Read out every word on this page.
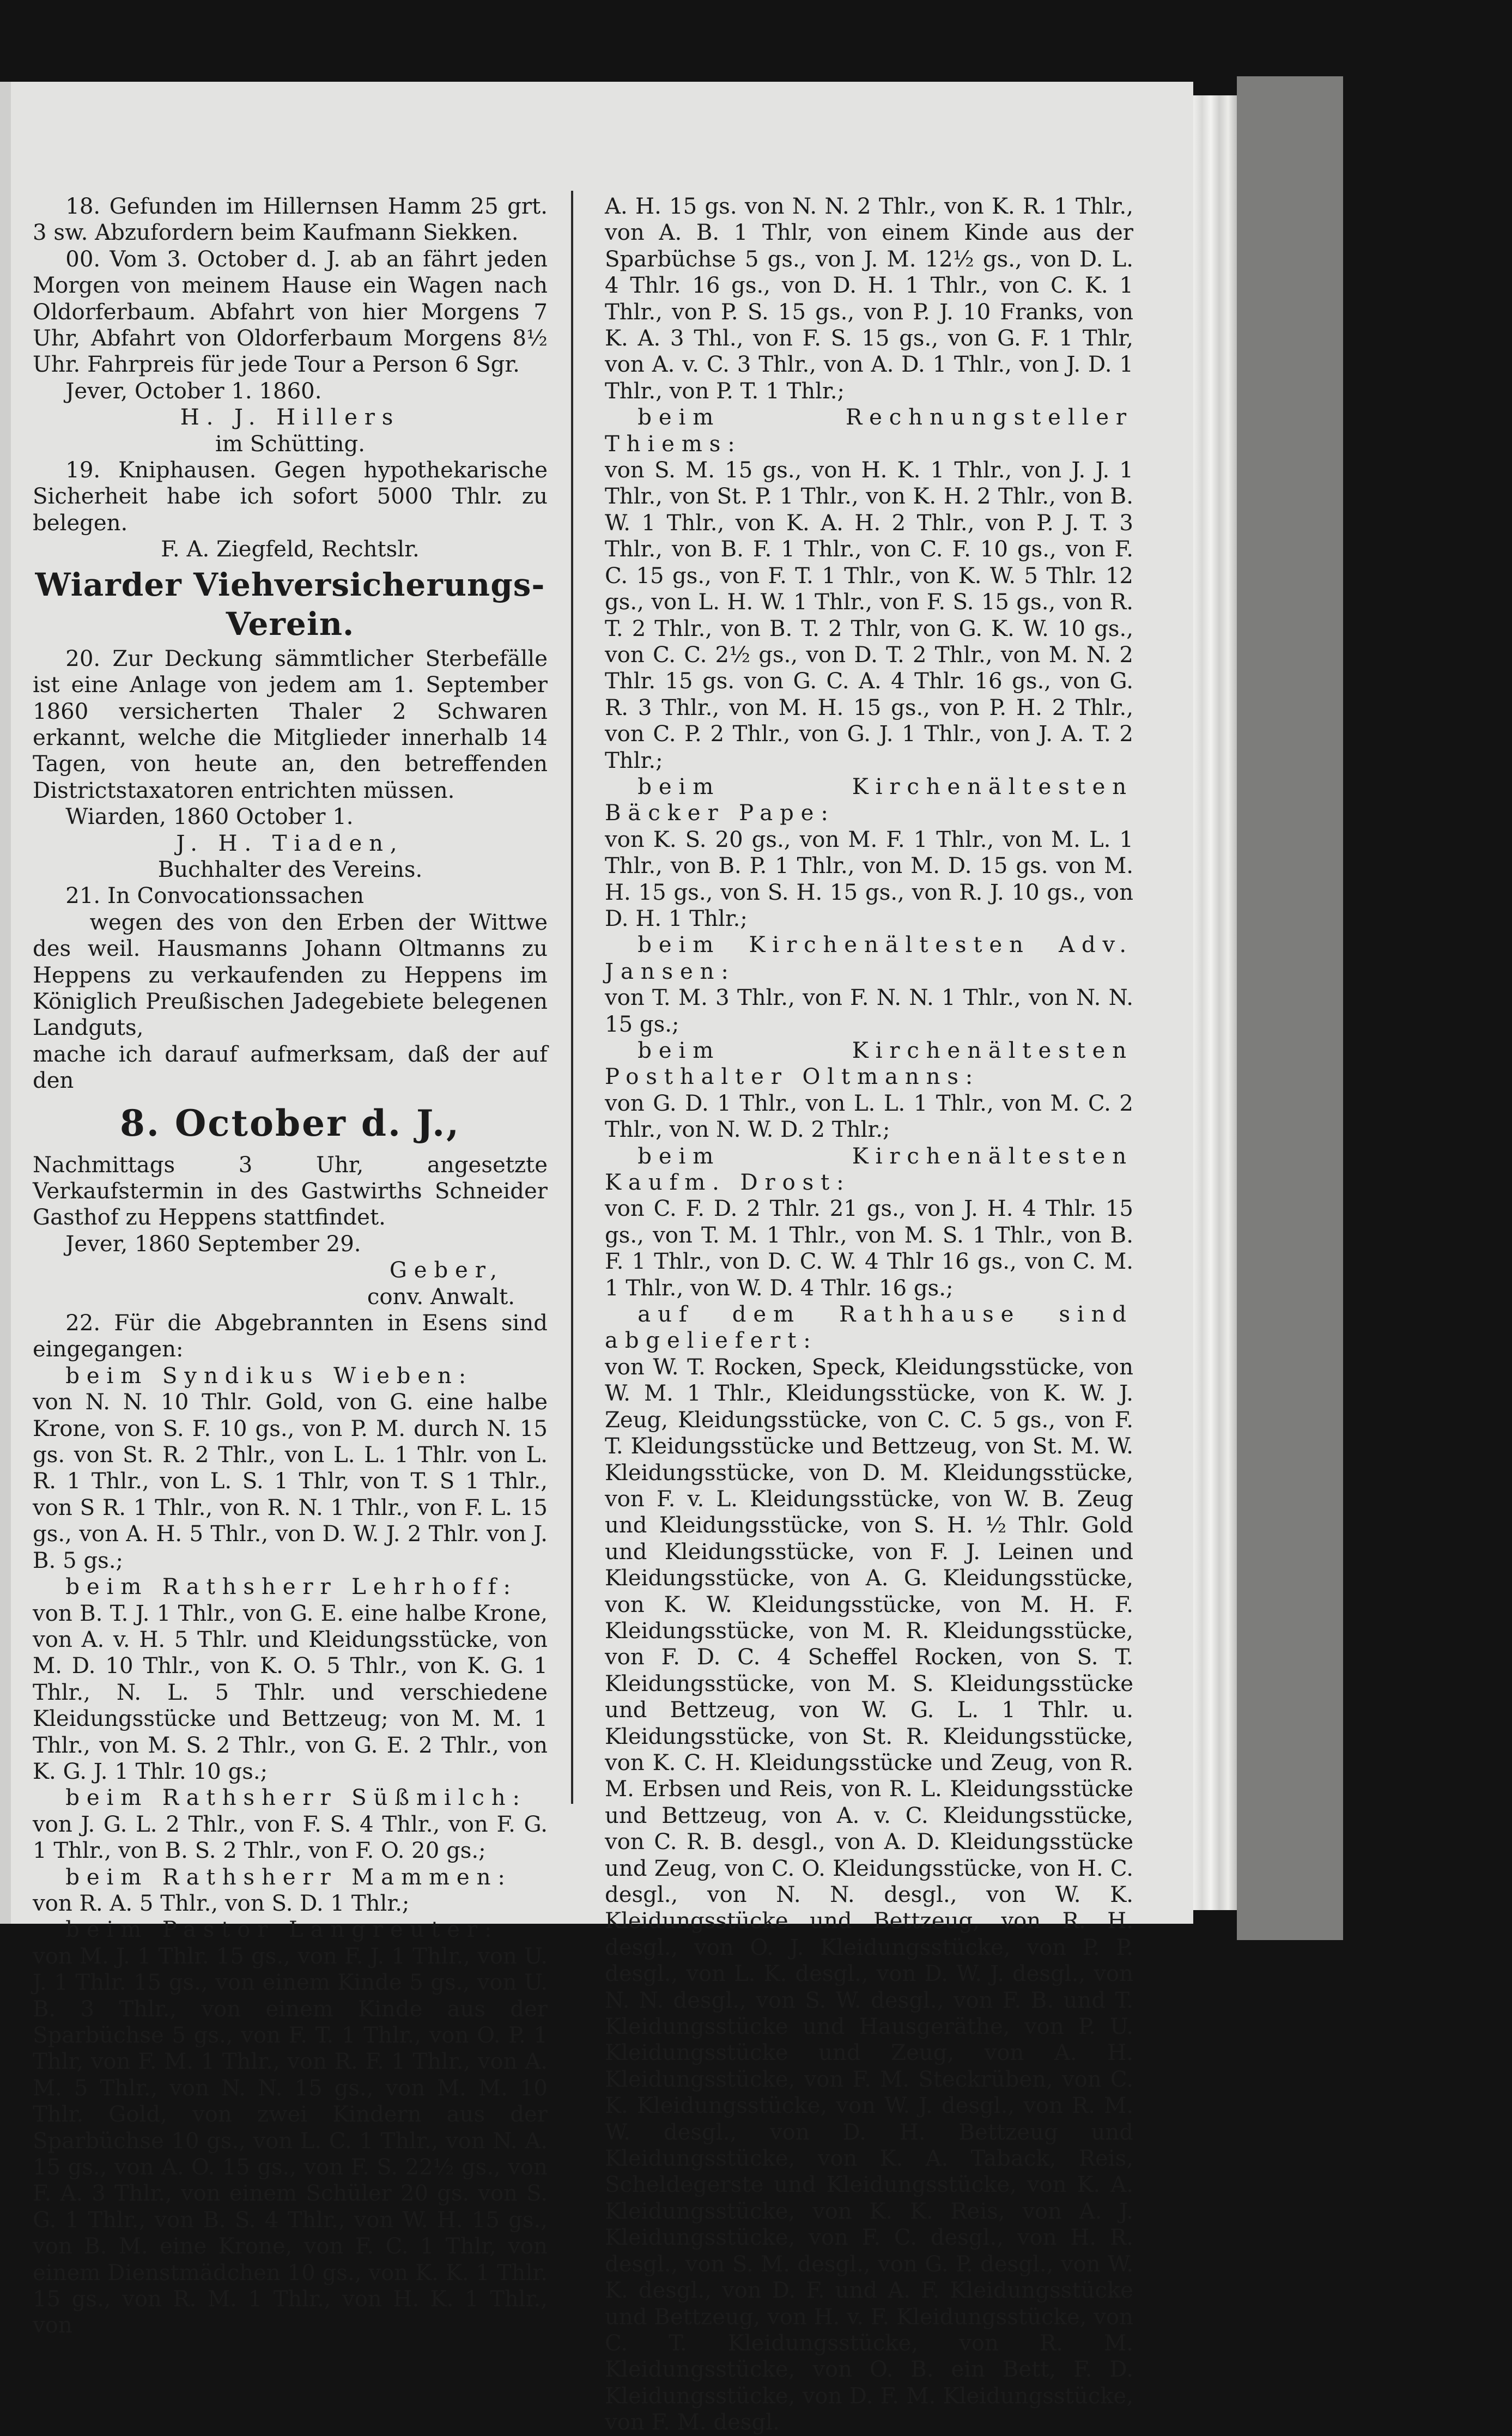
18. Gefunden im Hillernsen Hamm 25 grt. 3 sw. Abzufordern beim Kaufmann Siekken.

00. Vom 3. October d. J. ab an fährt jeden Morgen von meinem Hause ein Wagen nach Oldorferbaum. Abfahrt von hier Morgens 7 Uhr, Abfahrt von Oldorferbaum Morgens 8½ Uhr. Fahrpreis für jede Tour a Person 6 Sgr.

Jever, October 1. 1860.

H. J. Hillers

im Schütting.

19. Kniphausen. Gegen hypothekarische Sicherheit habe ich sofort 5000 Thlr. zu belegen.

F. A. Ziegfeld, Rechtslr.

Wiarder Viehversicherungs-Verein.

20. Zur Deckung sämmtlicher Sterbefälle ist eine Anlage von jedem am 1. September 1860 versicherten Thaler 2 Schwaren erkannt, welche die Mitglieder innerhalb 14 Tagen, von heute an, den betreffenden Districtstaxatoren entrichten müssen.

Wiarden, 1860 October 1.

J. H. Tiaden,

Buchhalter des Vereins.

21. In Convocationssachen

wegen des von den Erben der Wittwe des weil. Hausmanns Johann Oltmanns zu Heppens zu verkaufenden zu Heppens im Königlich Preußischen Jadegebiete belegenen Landguts,

mache ich darauf aufmerksam, daß der auf den

8. October d. J.,

Nachmittags 3 Uhr, angesetzte Verkaufstermin in des Gastwirths Schneider Gasthof zu Heppens stattfindet.

Jever, 1860 September 29.

Geber,

conv. Anwalt.

22. Für die Abgebrannten in Esens sind eingegangen:

beim Syndikus Wieben:

von N. N. 10 Thlr. Gold, von G. eine halbe Krone, von S. F. 10 gs., von P. M. durch N. 15 gs. von St. R. 2 Thlr., von L. L. 1 Thlr. von L. R. 1 Thlr., von L. S. 1 Thlr, von T. S 1 Thlr., von S R. 1 Thlr., von R. N. 1 Thlr., von F. L. 15 gs., von A. H. 5 Thlr., von D. W. J. 2 Thlr. von J. B. 5 gs.;

beim Rathsherr Lehrhoff:

von B. T. J. 1 Thlr., von G. E. eine halbe Krone, von A. v. H. 5 Thlr. und Kleidungsstücke, von M. D. 10 Thlr., von K. O. 5 Thlr., von K. G. 1 Thlr., N. L. 5 Thlr. und verschiedene Kleidungsstücke und Bettzeug; von M. M. 1 Thlr., von M. S. 2 Thlr., von G. E. 2 Thlr., von K. G. J. 1 Thlr. 10 gs.;

beim Rathsherr Süßmilch:

von J. G. L. 2 Thlr., von F. S. 4 Thlr., von F. G. 1 Thlr., von B. S. 2 Thlr., von F. O. 20 gs.;

beim Rathsherr Mammen:

von R. A. 5 Thlr., von S. D. 1 Thlr.;

beim Pastor Langreuter:

von M. J. 1 Thlr. 15 gs., von F. J. 1 Thlr., von U. J. 1 Thlr. 15 gs., von einem Kinde 5 gs., von U. B. 3 Thlr., von einem Kinde aus der Sparbüchse 5 gs., von F. T. 1 Thlr., von O. P. 1 Thlr, von F. M. 1 Thlr., von R. F. 1 Thlr., von A. M. 5 Thlr., von N. N. 15 gs., von M. M. 10 Thlr. Gold, von zwei Kindern aus der Sparbüchse 10 gs., von L. C. 1 Thlr., von N. A. 15 gs., von A. O. 15 gs., von F. S. 22½ gs., von F. A. 3 Thlr., von einem Schüler 20 gs. von S. G. 1 Thlr., von B. S. 4 Thlr., von W. H. 15 gs., von B. M. eine Krone, von F. C. 1 Thlr, von einem Dienstmädchen 10 gs., von K. K. 1 Thlr. 15 gs., von R. M. 1 Thlr., von H. K. 1 Thlr., von

A. H. 15 gs. von N. N. 2 Thlr., von K. R. 1 Thlr., von A. B. 1 Thlr, von einem Kinde aus der Sparbüchse 5 gs., von J. M. 12½ gs., von D. L. 4 Thlr. 16 gs., von D. H. 1 Thlr., von C. K. 1 Thlr., von P. S. 15 gs., von P. J. 10 Franks, von K. A. 3 Thl., von F. S. 15 gs., von G. F. 1 Thlr, von A. v. C. 3 Thlr., von A. D. 1 Thlr., von J. D. 1 Thlr., von P. T. 1 Thlr.;

beim Rechnungsteller Thiems:

von S. M. 15 gs., von H. K. 1 Thlr., von J. J. 1 Thlr., von St. P. 1 Thlr., von K. H. 2 Thlr., von B. W. 1 Thlr., von K. A. H. 2 Thlr., von P. J. T. 3 Thlr., von B. F. 1 Thlr., von C. F. 10 gs., von F. C. 15 gs., von F. T. 1 Thlr., von K. W. 5 Thlr. 12 gs., von L. H. W. 1 Thlr., von F. S. 15 gs., von R. T. 2 Thlr., von B. T. 2 Thlr, von G. K. W. 10 gs., von C. C. 2½ gs., von D. T. 2 Thlr., von M. N. 2 Thlr. 15 gs. von G. C. A. 4 Thlr. 16 gs., von G. R. 3 Thlr., von M. H. 15 gs., von P. H. 2 Thlr., von C. P. 2 Thlr., von G. J. 1 Thlr., von J. A. T. 2 Thlr.;

beim Kirchenältesten Bäcker Pape:

von K. S. 20 gs., von M. F. 1 Thlr., von M. L. 1 Thlr., von B. P. 1 Thlr., von M. D. 15 gs. von M. H. 15 gs., von S. H. 15 gs., von R. J. 10 gs., von D. H. 1 Thlr.;

beim Kirchenältesten Adv. Jansen:

von T. M. 3 Thlr., von F. N. N. 1 Thlr., von N. N. 15 gs.;

beim Kirchenältesten Posthalter Oltmanns:

von G. D. 1 Thlr., von L. L. 1 Thlr., von M. C. 2 Thlr., von N. W. D. 2 Thlr.;

beim Kirchenältesten Kaufm. Drost:

von C. F. D. 2 Thlr. 21 gs., von J. H. 4 Thlr. 15 gs., von T. M. 1 Thlr., von M. S. 1 Thlr., von B. F. 1 Thlr., von D. C. W. 4 Thlr 16 gs., von C. M. 1 Thlr., von W. D. 4 Thlr. 16 gs.;

auf dem Rathhause sind abgeliefert:

von W. T. Rocken, Speck, Kleidungsstücke, von W. M. 1 Thlr., Kleidungsstücke, von K. W. J. Zeug, Kleidungsstücke, von C. C. 5 gs., von F. T. Kleidungsstücke und Bettzeug, von St. M. W. Kleidungsstücke, von D. M. Kleidungsstücke, von F. v. L. Kleidungsstücke, von W. B. Zeug und Kleidungsstücke, von S. H. ½ Thlr. Gold und Kleidungsstücke, von F. J. Leinen und Kleidungsstücke, von A. G. Kleidungsstücke, von K. W. Kleidungsstücke, von M. H. F. Kleidungsstücke, von M. R. Kleidungsstücke, von F. D. C. 4 Scheffel Rocken, von S. T. Kleidungsstücke, von M. S. Kleidungsstücke und Bettzeug, von W. G. L. 1 Thlr. u. Kleidungsstücke, von St. R. Kleidungsstücke, von K. C. H. Kleidungsstücke und Zeug, von R. M. Erbsen und Reis, von R. L. Kleidungsstücke und Bettzeug, von A. v. C. Kleidungsstücke, von C. R. B. desgl., von A. D. Kleidungsstücke und Zeug, von C. O. Kleidungsstücke, von H. C. desgl., von N. N. desgl., von W. K. Kleidungsstücke und Bettzeug, von R. H. desgl., von O. J. Kleidungsstücke, von P. P. desgl., von L. K. desgl., von D. W. J. desgl., von N. N. desgl., von S. W. desgl., von F. B. und T. Kleidungsstücke und Hausgeräthe, von P. U. Kleidungsstücke und Zeug, von A. H. Kleidungsstücke, von F. M. Steckrüben, von C. K. Kleidungsstücke, von W. J. desgl., von R. M. W. desgl., von D. H. Bettzeug und Kleidungsstücke, von K. A. Taback, Reis, Scheldegerste und Kleidungsstücke, von K. A. Kleidungsstücke, von K. K. Reis, von A. J. Kleidungsstücke, von F. C. desgl., von H. R. desgl., von S. M. desgl., von G. P. desgl., von W. K. desgl., von D. F. und A. F. Kleidungsstücke und Bettzeug, von H. v. F. Kleidungsstücke, von C. T. Kleidungsstücke, von R. M. Kleidungsstücke, von O. B. ein Bett, F. D. Kleidungsstücke, von D. F. M. Kleidungsstücke, von F. M. desgl.
